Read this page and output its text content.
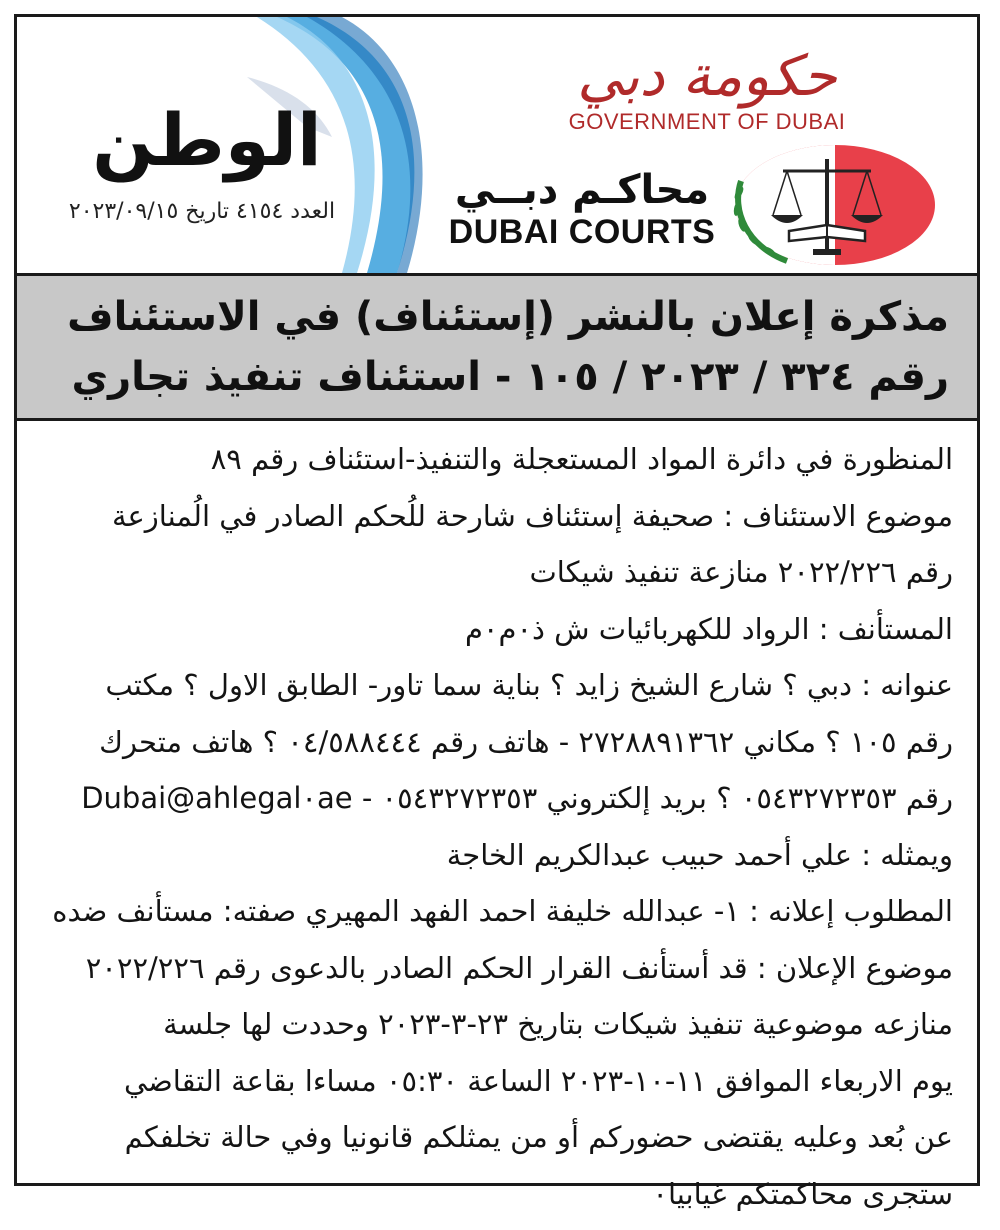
الوطن
العدد ٤١٥٤ تاريخ ٢٠٢٣/٠٩/١٥
حكومة دبي
GOVERNMENT OF DUBAI
محاكـم دبــي
DUBAI COURTS
مذكرة إعلان بالنشر (إستئناف) في الاستئناف
رقم ٣٢٤ / ٢٠٢٣ / ١٠٥ - استئناف تنفيذ تجاري
المنظورة في دائرة المواد المستعجلة والتنفيذ-استئناف رقم ٨٩
موضوع الاستئناف : صحيفة إستئناف شارحة للُحكم الصادر في الُمنازعة
رقم ٢٠٢٢/٢٢٦ منازعة تنفيذ شيكات
المستأنف : الرواد للكهربائيات ش ذ٠م٠م
عنوانه : دبي ؟ شارع الشيخ زايد ؟ بناية سما تاور- الطابق الاول ؟ مكتب
رقم ١٠٥ ؟ مكاني ٢٧٢٨٨٩١٣٦٢ - هاتف رقم ٠٤/٥٨٨٤٤٤ ؟ هاتف متحرك
رقم ٠٥٤٣٢٧٢٣٥٣ ؟ بريد إلكتروني ٠٥٤٣٢٧٢٣٥٣ - Dubai@ahlegal٠ae
ويمثله : علي أحمد حبيب عبدالكريم الخاجة
المطلوب إعلانه : ١- عبدالله خليفة احمد الفهد المهيري صفته: مستأنف ضده
موضوع الإعلان : قد أستأنف القرار الحكم الصادر بالدعوى رقم ٢٠٢٢/٢٢٦
منازعه موضوعية تنفيذ شيكات بتاريخ ٢٣-٣-٢٠٢٣ وحددت لها جلسة
يوم الاربعاء الموافق ١١-١٠-٢٠٢٣ الساعة ٠٥:٣٠ مساءا بقاعة التقاضي
عن بُعد وعليه يقتضى حضوركم أو من يمثلكم قانونيا وفي حالة تخلفكم
ستجرى محاكمتكم غيابيا٠
